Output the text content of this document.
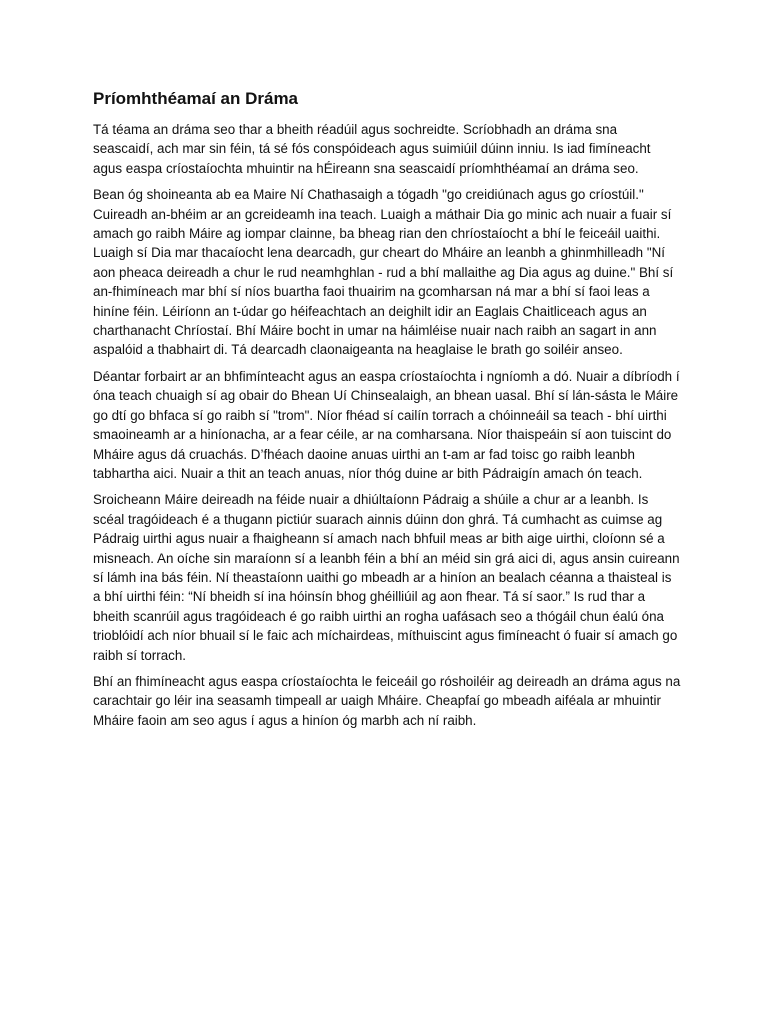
Príomhthéamaí an Dráma

Tá téama an dráma seo thar a bheith réadúil agus sochreidte. Scríobhadh an dráma sna seascaidí, ach mar sin féin, tá sé fós conspóideach agus suimiúil dúinn inniu. Is iad fimíneacht agus easpa críostaíochta mhuintir na hÉireann sna seascaidí príomhthéamaí an dráma seo.

Bean óg shoineanta ab ea Maire Ní Chathasaigh a tógadh "go creidiúnach agus go críostúil." Cuireadh an-bhéim ar an gcreideamh ina teach. Luaigh a máthair Dia go minic ach nuair a fuair sí amach go raibh Máire ag iompar clainne, ba bheag rian den chríostaíocht a bhí le feiceáil uaithi. Luaigh sí Dia mar thacaíocht lena dearcadh, gur cheart do Mháire an leanbh a ghinmhilleadh "Ní aon pheaca deireadh a chur le rud neamhghlan - rud a bhí mallaithe ag Dia agus ag duine." Bhí sí an-fhimíneach mar bhí sí níos buartha faoi thuairim na gcomharsan ná mar a bhí sí faoi leas a hiníne féin. Léiríonn an t-údar go héifeachtach an deighilt idir an Eaglais Chaitliceach agus an charthanacht Chríostaí. Bhí Máire bocht in umar na háimléise nuair nach raibh an sagart in ann aspalóid a thabhairt di. Tá dearcadh claonaigeanta na heaglaise le brath go soiléir anseo.

Déantar forbairt ar an bhfimínteacht agus an easpa críostaíochta i ngníomh a dó. Nuair a díbríodh í óna teach chuaigh sí ag obair do Bhean Uí Chinsealaigh, an bhean uasal. Bhí sí lán-sásta le Máire go dtí go bhfaca sí go raibh sí "trom". Níor fhéad sí cailín torrach a chóinneáil sa teach - bhí uirthi smaoineamh ar a hiníonacha, ar a fear céile, ar na comharsana. Níor thaispeáin sí aon tuiscint do Mháire agus dá cruachás. D’fhéach daoine anuas uirthi an t-am ar fad toisc go raibh leanbh tabhartha aici. Nuair a thit an teach anuas, níor thóg duine ar bith Pádraigín amach ón teach.

Sroicheann Máire deireadh na féide nuair a dhiúltaíonn Pádraig a shúile a chur ar a leanbh. Is scéal tragóideach é a thugann pictiúr suarach ainnis dúinn don ghrá. Tá cumhacht as cuimse ag Pádraig uirthi agus nuair a fhaigheann sí amach nach bhfuil meas ar bith aige uirthi, cloíonn sé a misneach. An oíche sin maraíonn sí a leanbh féin a bhí an méid sin grá aici di, agus ansin cuireann sí lámh ina bás féin. Ní theastaíonn uaithi go mbeadh ar a hiníon an bealach céanna a thaisteal is a bhí uirthi féin: “Ní bheidh sí ina hóinsín bhog ghéilliúil ag aon fhear. Tá sí saor.” Is rud thar a bheith scanrúil agus tragóideach é go raibh uirthi an rogha uafásach seo a thógáil chun éalú óna trioblóidí ach níor bhuail sí le faic ach míchairdeas, míthuiscint agus fimíneacht ó fuair sí amach go raibh sí torrach.

Bhí an fhimíneacht agus easpa críostaíochta le feiceáil go róshoiléir ag deireadh an dráma agus na carachtair go léir ina seasamh timpeall ar uaigh Mháire. Cheapfaí go mbeadh aiféala ar mhuintir Mháire faoin am seo agus í agus a hiníon óg marbh ach ní raibh.
